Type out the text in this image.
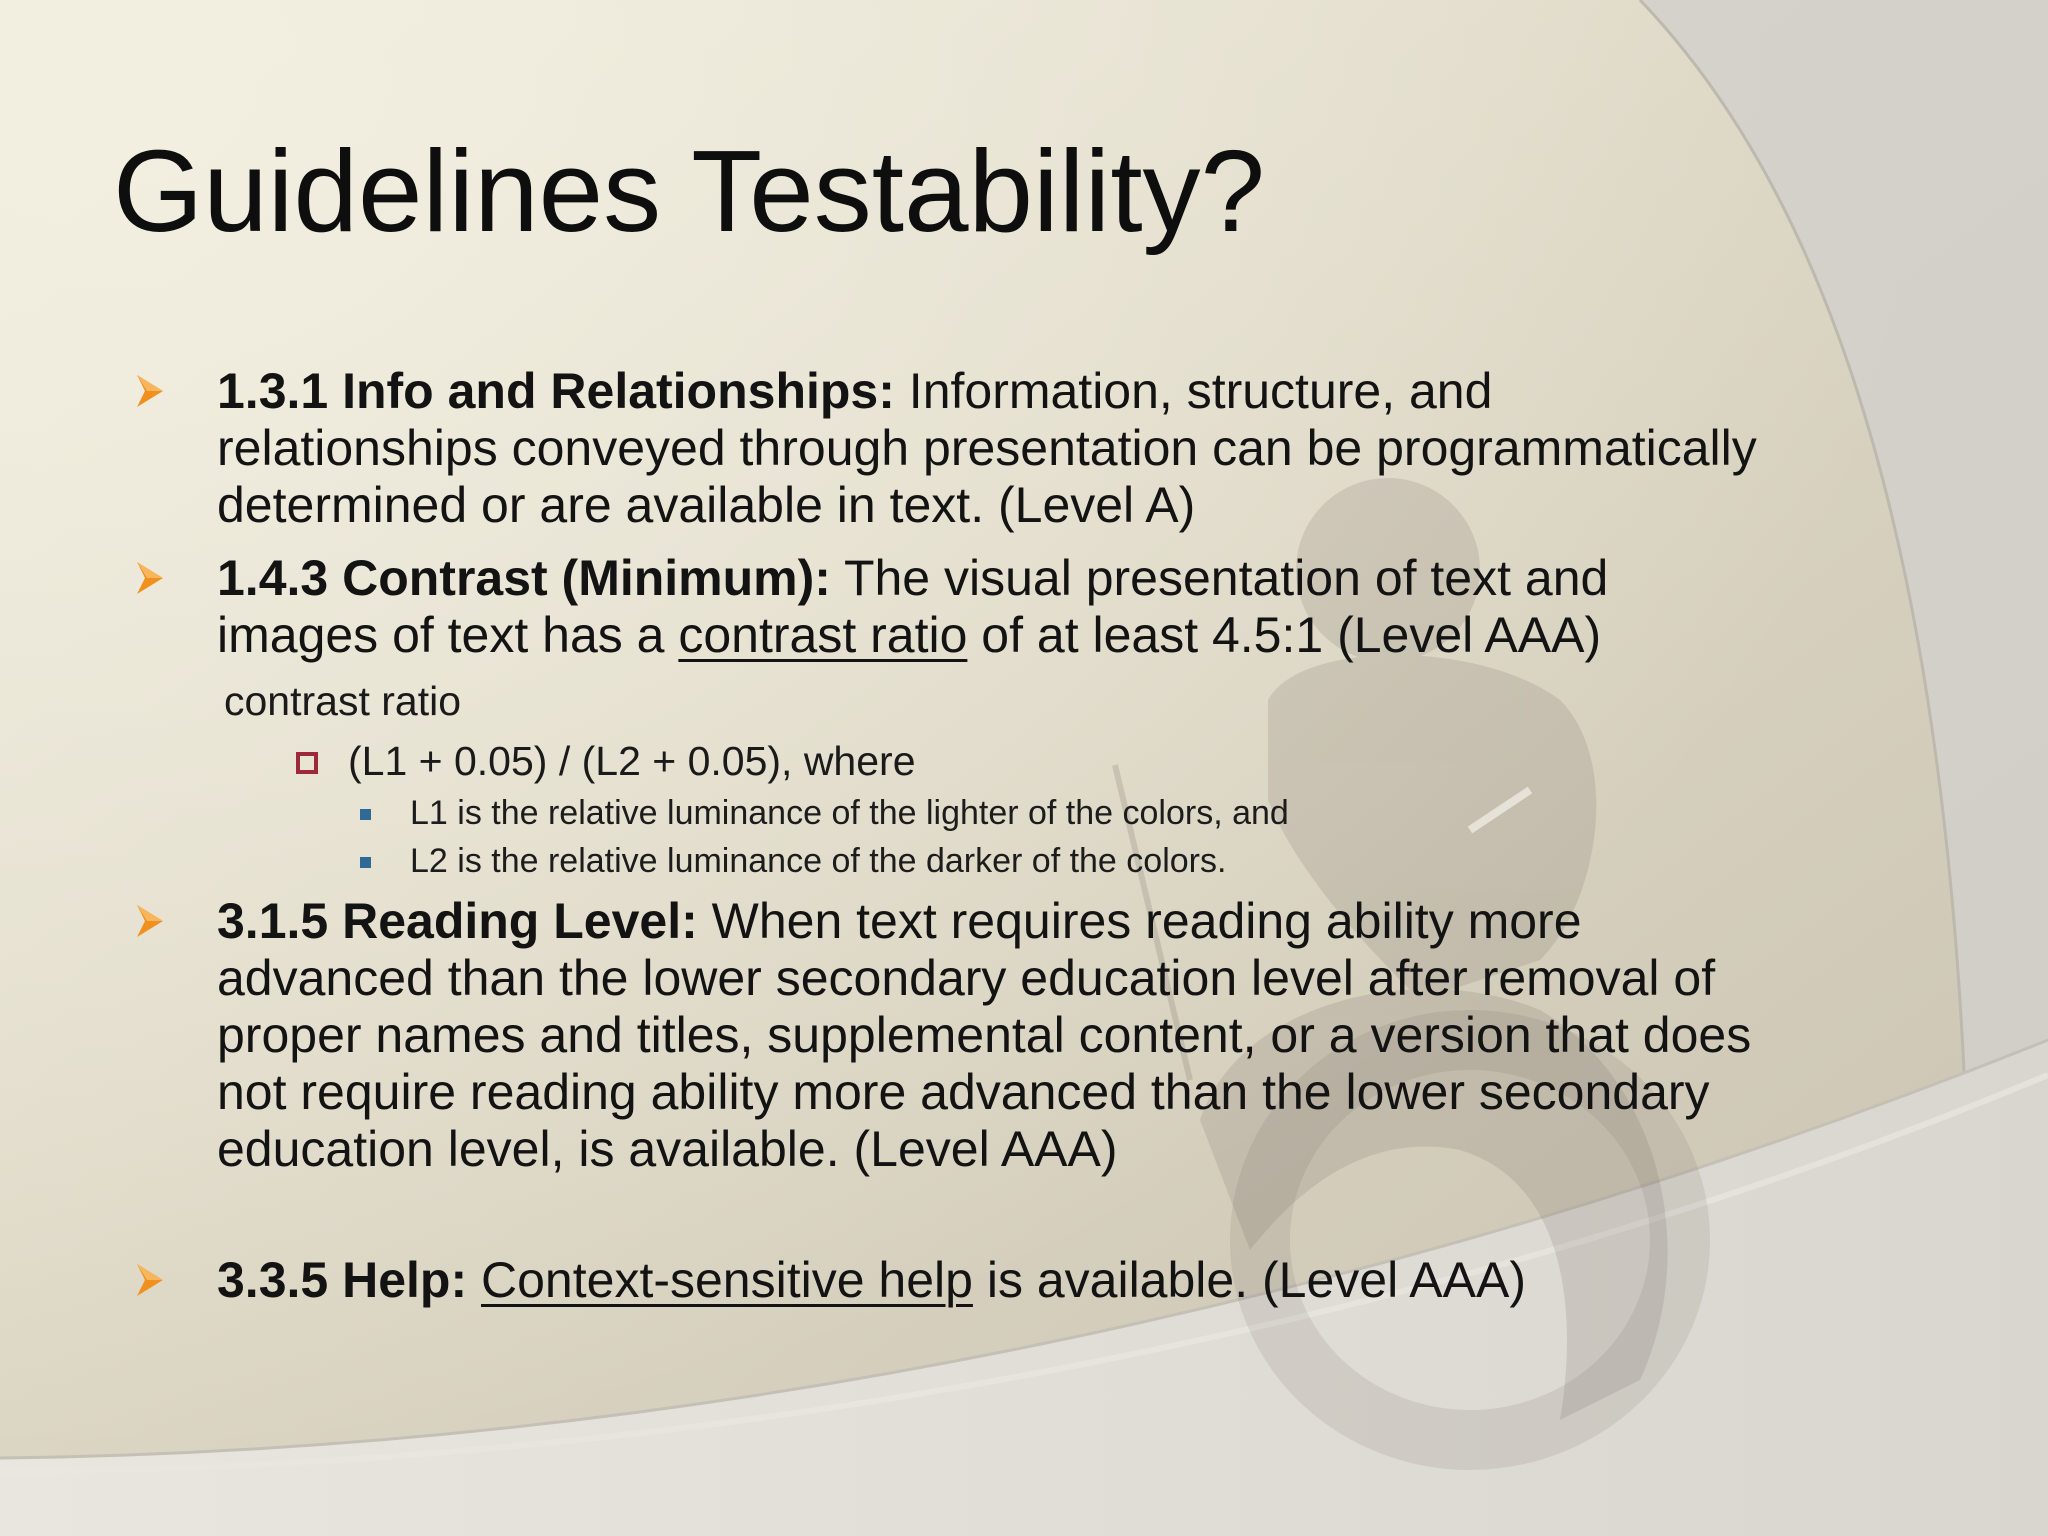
Guidelines Testability?
1.3.1 Info and Relationships: Information, structure, and relationships conveyed through presentation can be programmatically determined or are available in text. (Level A)
1.4.3 Contrast (Minimum): The visual presentation of text and images of text has a contrast ratio of at least 4.5:1 (Level AAA)
contrast ratio
(L1 + 0.05) / (L2 + 0.05), where
L1 is the relative luminance of the lighter of the colors, and
L2 is the relative luminance of the darker of the colors.
3.1.5 Reading Level: When text requires reading ability more advanced than the lower secondary education level after removal of proper names and titles, supplemental content, or a version that does not require reading ability more advanced than the lower secondary education level, is available. (Level AAA)
3.3.5 Help: Context-sensitive help is available. (Level AAA)
